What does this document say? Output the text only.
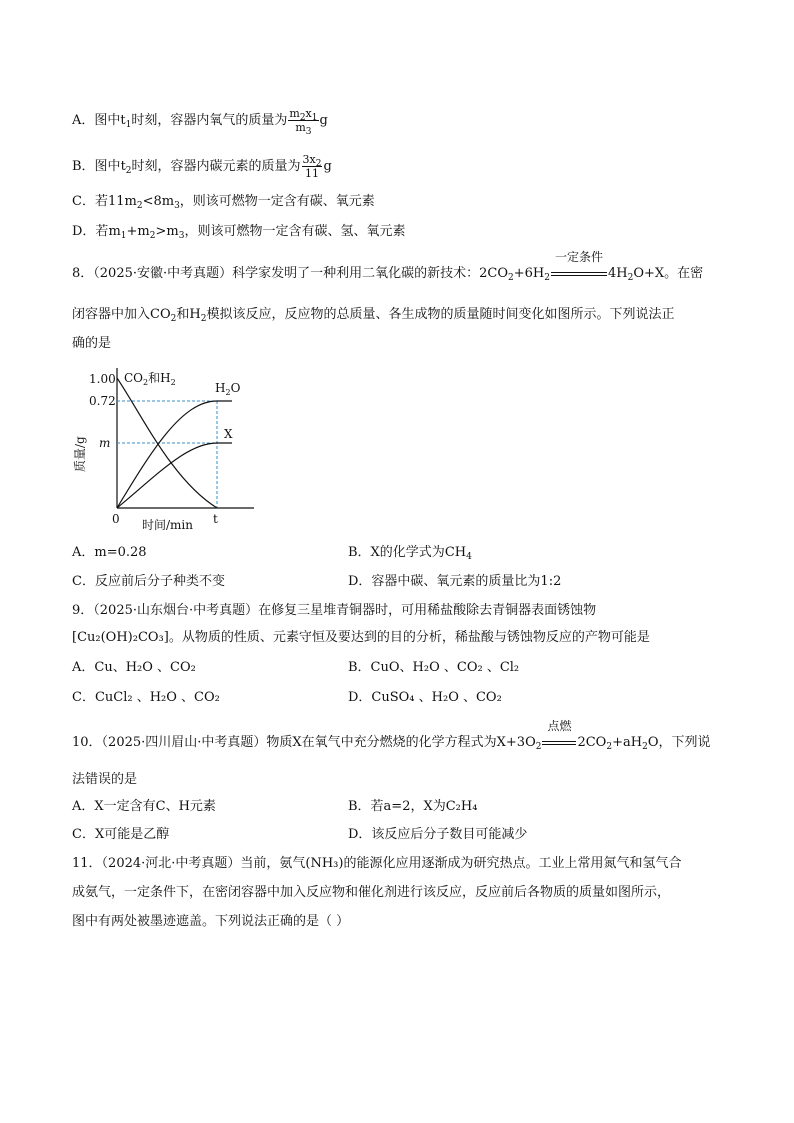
A．图中$t_1$时刻，容器内氧气的质量为 $\frac{m_2x_1}{m_3}$ g
B．图中$t_2$时刻，容器内碳元素的质量为 $\frac{3x_2}{11}$ g
C．若$11m_2<8m_3$，则该可燃物一定含有碳、氧元素
D．若$m_1+m_2>m_3$，则该可燃物一定含有碳、氢、氧元素
8．（2025·安徽·中考真题）科学家发明了一种利用二氧化碳的新技术：$2CO_2+6H_2$
一定条件
$4H_2O+X$。在密
闭容器中加入$CO_2$和$H_2$模拟该反应，反应物的总质量、各生成物的质量随时间变化如图所示。下列说法正
确的是
1.00
0.72
m
0	t
时间/min
质量/g
$CO_2$和$H_2$	$H_2O$
X
A．m=0.28	B．X的化学式为$CH_4$
C．反应前后分子种类不变	D．容器中碳、氧元素的质量比为1:2
9．（2025·山东烟台·中考真题）在修复三星堆青铜器时，可用稀盐酸除去青铜器表面锈蚀物
[Cu₂(OH)₂CO₃]。从物质的性质、元素守恒及要达到的目的分析，稀盐酸与锈蚀物反应的产物可能是
A．Cu、H₂O 、CO₂	B．CuO、H₂O 、CO₂ 、Cl₂
C．CuCl₂ 、H₂O 、CO₂	D．CuSO₄ 、H₂O 、CO₂
10．（2025·四川眉山·中考真题）物质X在氧气中充分燃烧的化学方程式为$X+3O_2$
点燃
$2CO_2+aH_2O$，下列说
法错误的是
A．X一定含有C、H元素	B．若a=2，X为C₂H₄
C．X可能是乙醇	D．该反应后分子数目可能减少
11．（2024·河北·中考真题）当前，氨气(NH₃)的能源化应用逐渐成为研究热点。工业上常用氮气和氢气合
成氨气，一定条件下，在密闭容器中加入反应物和催化剂进行该反应，反应前后各物质的质量如图所示，
图中有两处被墨迹遮盖。下列说法正确的是（ ）
